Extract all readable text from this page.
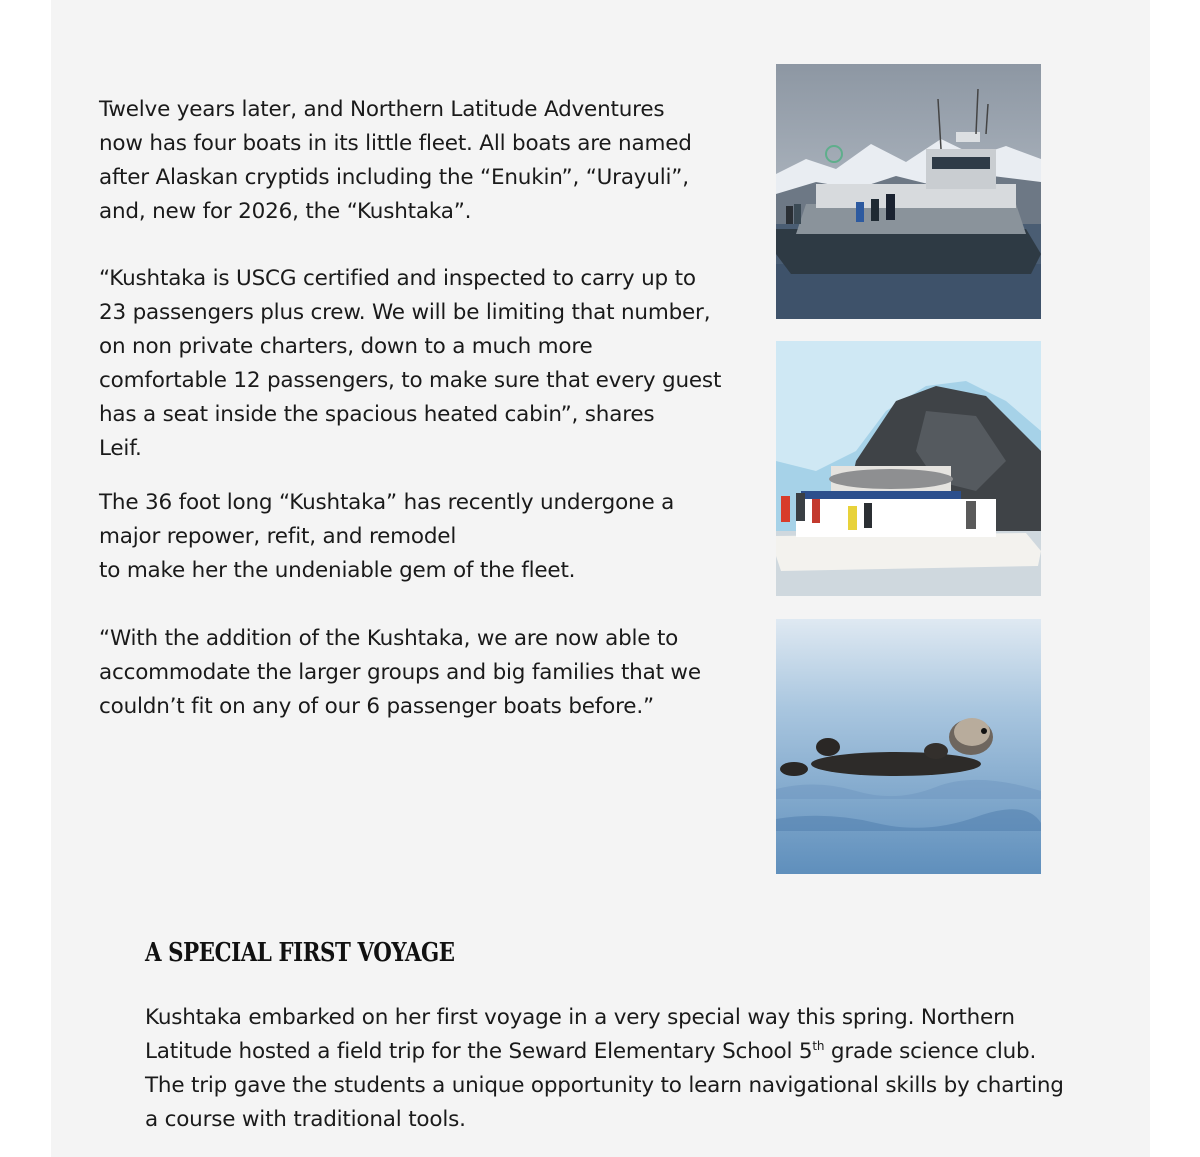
Twelve years later, and Northern Latitude Adventures
now has four boats in its little fleet. All boats are named
after Alaskan cryptids including the “Enukin”, “Urayuli”,
and, new for 2026, the “Kushtaka”.

“Kushtaka is USCG certified and inspected to carry up to
23 passengers plus crew. We will be limiting that number,
on non private charters, down to a much more
comfortable 12 passengers, to make sure that every guest
has a seat inside the spacious heated cabin”, shares
Leif.

The 36 foot long “Kushtaka” has recently undergone a
major repower, refit, and remodel
to make her the undeniable gem of the fleet.

“With the addition of the Kushtaka, we are now able to
accommodate the larger groups and big families that we
couldn’t fit on any of our 6 passenger boats before.”

A SPECIAL FIRST VOYAGE
Kushtaka embarked on her first voyage in a very special way this spring. Northern
Latitude hosted a field trip for the Seward Elementary School 5th grade science club.
The trip gave the students a unique opportunity to learn navigational skills by charting
a course with traditional tools.
